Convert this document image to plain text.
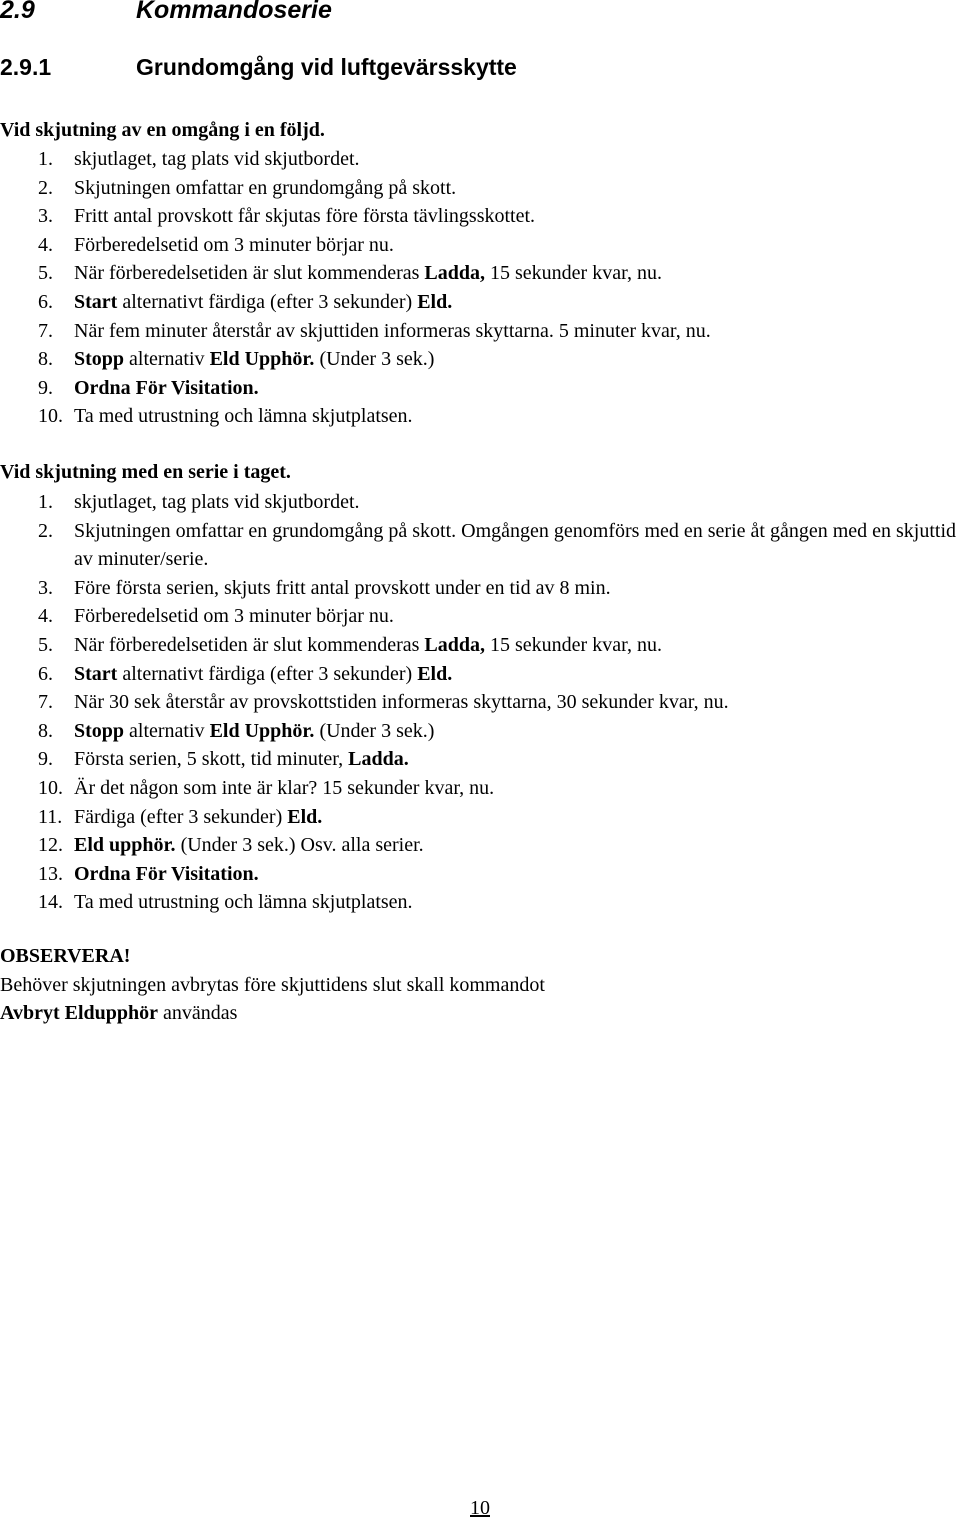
2.9	Kommandoserie
2.9.1	Grundomgång vid luftgevärsskytte
Vid skjutning av en omgång i en följd.
1. skjutlaget, tag plats vid skjutbordet.
2. Skjutningen omfattar en grundomgång på skott.
3. Fritt antal provskott får skjutas före första tävlingsskottet.
4. Förberedelsetid om 3 minuter börjar nu.
5. När förberedelsetiden är slut kommenderas Ladda, 15 sekunder kvar, nu.
6. Start alternativt färdiga (efter 3 sekunder) Eld.
7. När fem minuter återstår av skjuttiden informeras skyttarna. 5 minuter kvar, nu.
8. Stopp alternativ Eld Upphör. (Under 3 sek.)
9. Ordna För Visitation.
10. Ta med utrustning och lämna skjutplatsen.
Vid skjutning med en serie i taget.
1. skjutlaget, tag plats vid skjutbordet.
2. Skjutningen omfattar en grundomgång på skott. Omgången genomförs med en serie åt gången med en skjuttid av minuter/serie.
3. Före första serien, skjuts fritt antal provskott under en tid av 8 min.
4. Förberedelsetid om 3 minuter börjar nu.
5. När förberedelsetiden är slut kommenderas Ladda, 15 sekunder kvar, nu.
6. Start alternativt färdiga (efter 3 sekunder) Eld.
7. När 30 sek återstår av provskottstiden informeras skyttarna, 30 sekunder kvar, nu.
8. Stopp alternativ Eld Upphör. (Under 3 sek.)
9. Första serien, 5 skott, tid minuter, Ladda.
10. Är det någon som inte är klar? 15 sekunder kvar, nu.
11. Färdiga (efter 3 sekunder) Eld.
12. Eld upphör. (Under 3 sek.) Osv. alla serier.
13. Ordna För Visitation.
14. Ta med utrustning och lämna skjutplatsen.
OBSERVERA!
Behöver skjutningen avbrytas före skjuttidens slut skall kommandot
Avbryt Eldupphör användas
10
